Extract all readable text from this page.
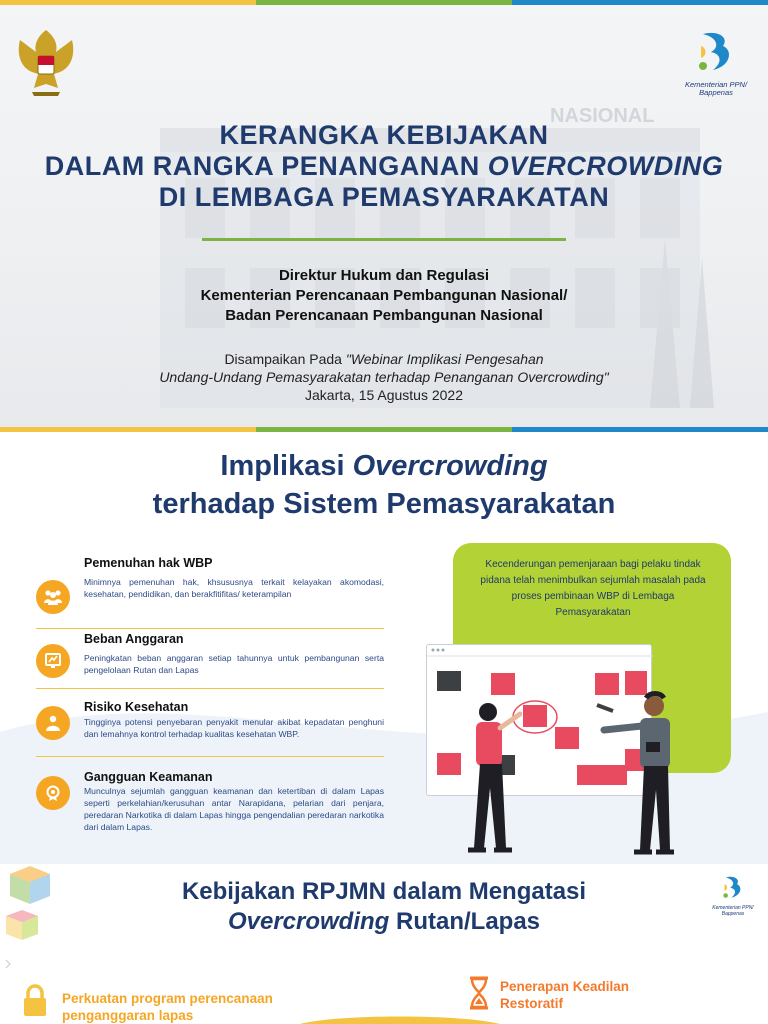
NASIONAL
Kementerian PPN/ Bappenas
KERANGKA KEBIJAKAN
DALAM RANGKA PENANGANAN OVERCROWDING
DI LEMBAGA PEMASYARAKATAN
Direktur Hukum dan Regulasi
Kementerian Perencanaan Pembangunan Nasional/
Badan Perencanaan Pembangunan Nasional
Disampaikan Pada "Webinar Implikasi Pengesahan
Undang-Undang Pemasyarakatan terhadap Penanganan Overcrowding"
Jakarta, 15 Agustus 2022
Implikasi Overcrowding
terhadap Sistem Pemasyarakatan
Pemenuhan hak WBP
Minimnya pemenuhan hak, khsususnya terkait kelayakan akomodasi, kesehatan, pendidikan, dan berakfitifitas/ keterampilan
Beban Anggaran
Peningkatan beban anggaran setiap tahunnya untuk pembangunan serta pengelolaan Rutan dan Lapas
Risiko Kesehatan
Tingginya potensi penyebaran penyakit menular akibat kepadatan penghuni dan lemahnya kontrol terhadap kualitas kesehatan WBP.
Gangguan Keamanan
Munculnya sejumlah gangguan keamanan dan ketertiban di dalam Lapas seperti perkelahian/kerusuhan antar Narapidana, pelarian dari penjara, peredaran Narkotika di dalam Lapas hingga pengendalian peredaran narkotika dari dalam Lapas.
Kecenderungan pemenjaraan bagi pelaku tindak pidana telah menimbulkan sejumlah masalah pada proses pembinaan WBP di Lembaga Pemasyarakatan
Kebijakan RPJMN dalam Mengatasi
Overcrowding Rutan/Lapas	Kementerian PPN/ Bappenas
Perkuatan program perencanaan
penganggaran lapas
Penerapan Keadilan
Restoratif
